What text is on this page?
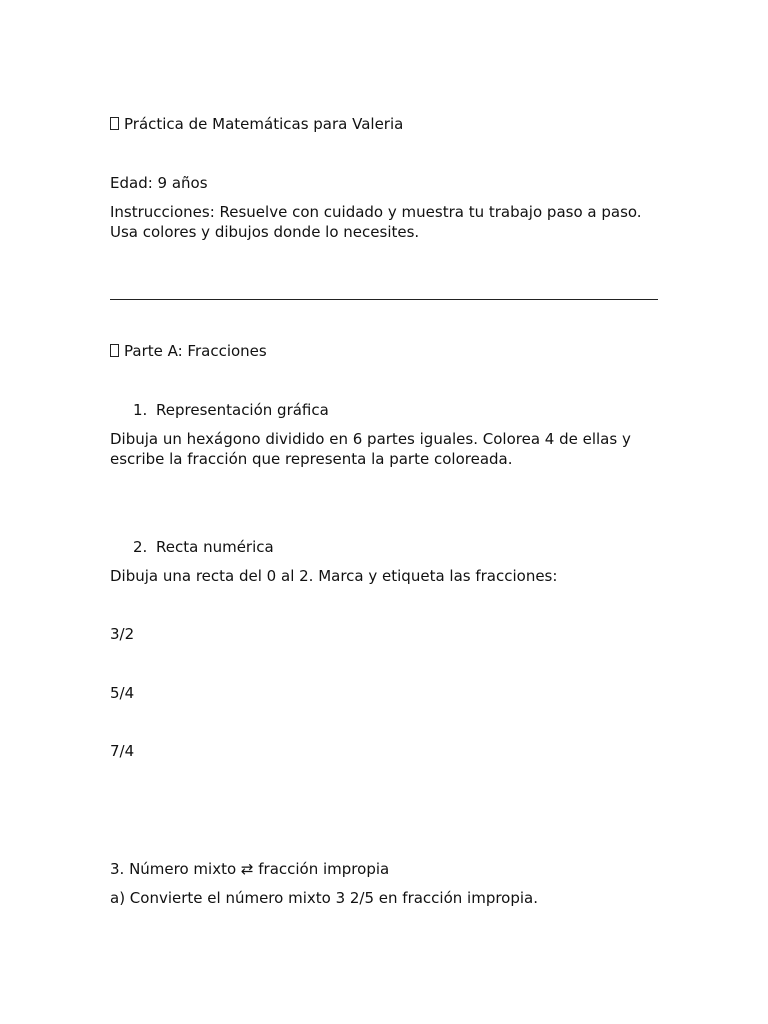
Práctica de Matemáticas para Valeria

Edad: 9 años

Instrucciones: Resuelve con cuidado y muestra tu trabajo paso a paso. Usa colores y dibujos donde lo necesites.

Parte A: Fracciones

1. Representación gráfica

Dibuja un hexágono dividido en 6 partes iguales. Colorea 4 de ellas y escribe la fracción que representa la parte coloreada.

2. Recta numérica

Dibuja una recta del 0 al 2. Marca y etiqueta las fracciones:

3/2

5/4

7/4

3. Número mixto ⇄ fracción impropia

a) Convierte el número mixto 3 2/5 en fracción impropia.
